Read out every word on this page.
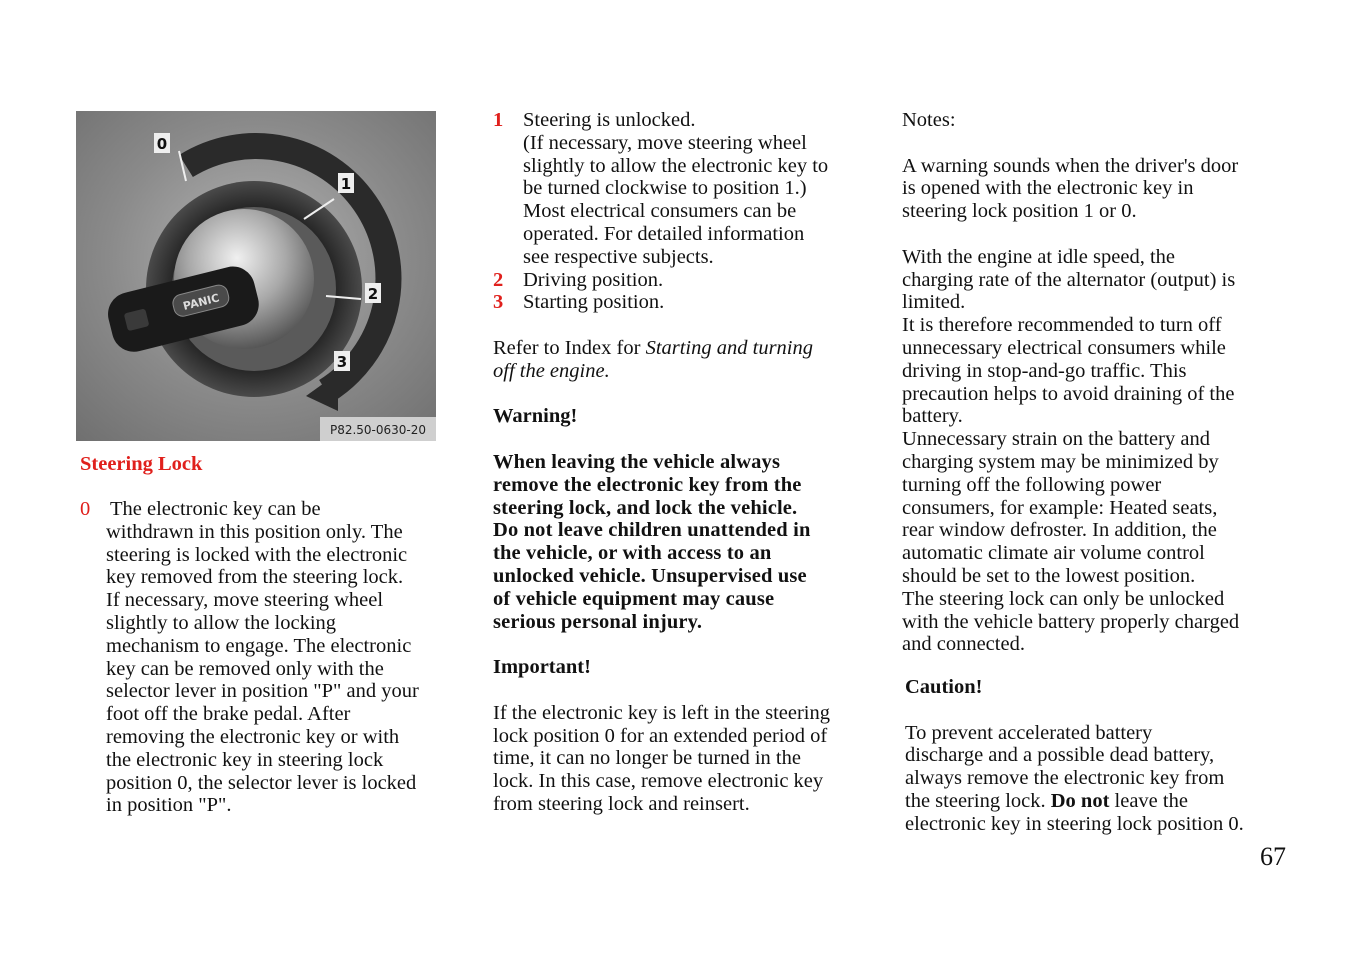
0
1
2
3
PANIC
P82.50-0630-20
Steering Lock
0 The electronic key can be
withdrawn in this position only. The
steering is locked with the electronic
key removed from the steering lock.
If necessary, move steering wheel
slightly to allow the locking
mechanism to engage. The electronic
key can be removed only with the
selector lever in position "P" and your
foot off the brake pedal. After
removing the electronic key or with
the electronic key in steering lock
position 0, the selector lever is locked
in position "P".
1 Steering is unlocked.
(If necessary, move steering wheel
slightly to allow the electronic key to
be turned clockwise to position 1.)
Most electrical consumers can be
operated. For detailed information
see respective subjects.
2 Driving position.
3 Starting position.
Refer to Index for Starting and turning
off the engine.
Warning!
When leaving the vehicle always
remove the electronic key from the
steering lock, and lock the vehicle.
Do not leave children unattended in
the vehicle, or with access to an
unlocked vehicle. Unsupervised use
of vehicle equipment may cause
serious personal injury.
Important!
If the electronic key is left in the steering
lock position 0 for an extended period of
time, it can no longer be turned in the
lock. In this case, remove electronic key
from steering lock and reinsert.
Notes:
A warning sounds when the driver's door
is opened with the electronic key in
steering lock position 1 or 0.
With the engine at idle speed, the
charging rate of the alternator (output) is
limited.
It is therefore recommended to turn off
unnecessary electrical consumers while
driving in stop-and-go traffic. This
precaution helps to avoid draining of the
battery.
Unnecessary strain on the battery and
charging system may be minimized by
turning off the following power
consumers, for example: Heated seats,
rear window defroster. In addition, the
automatic climate air volume control
should be set to the lowest position.
The steering lock can only be unlocked
with the vehicle battery properly charged
and connected.
Caution!
To prevent accelerated battery
discharge and a possible dead battery,
always remove the electronic key from
the steering lock. Do not leave the
electronic key in steering lock position 0.
67
